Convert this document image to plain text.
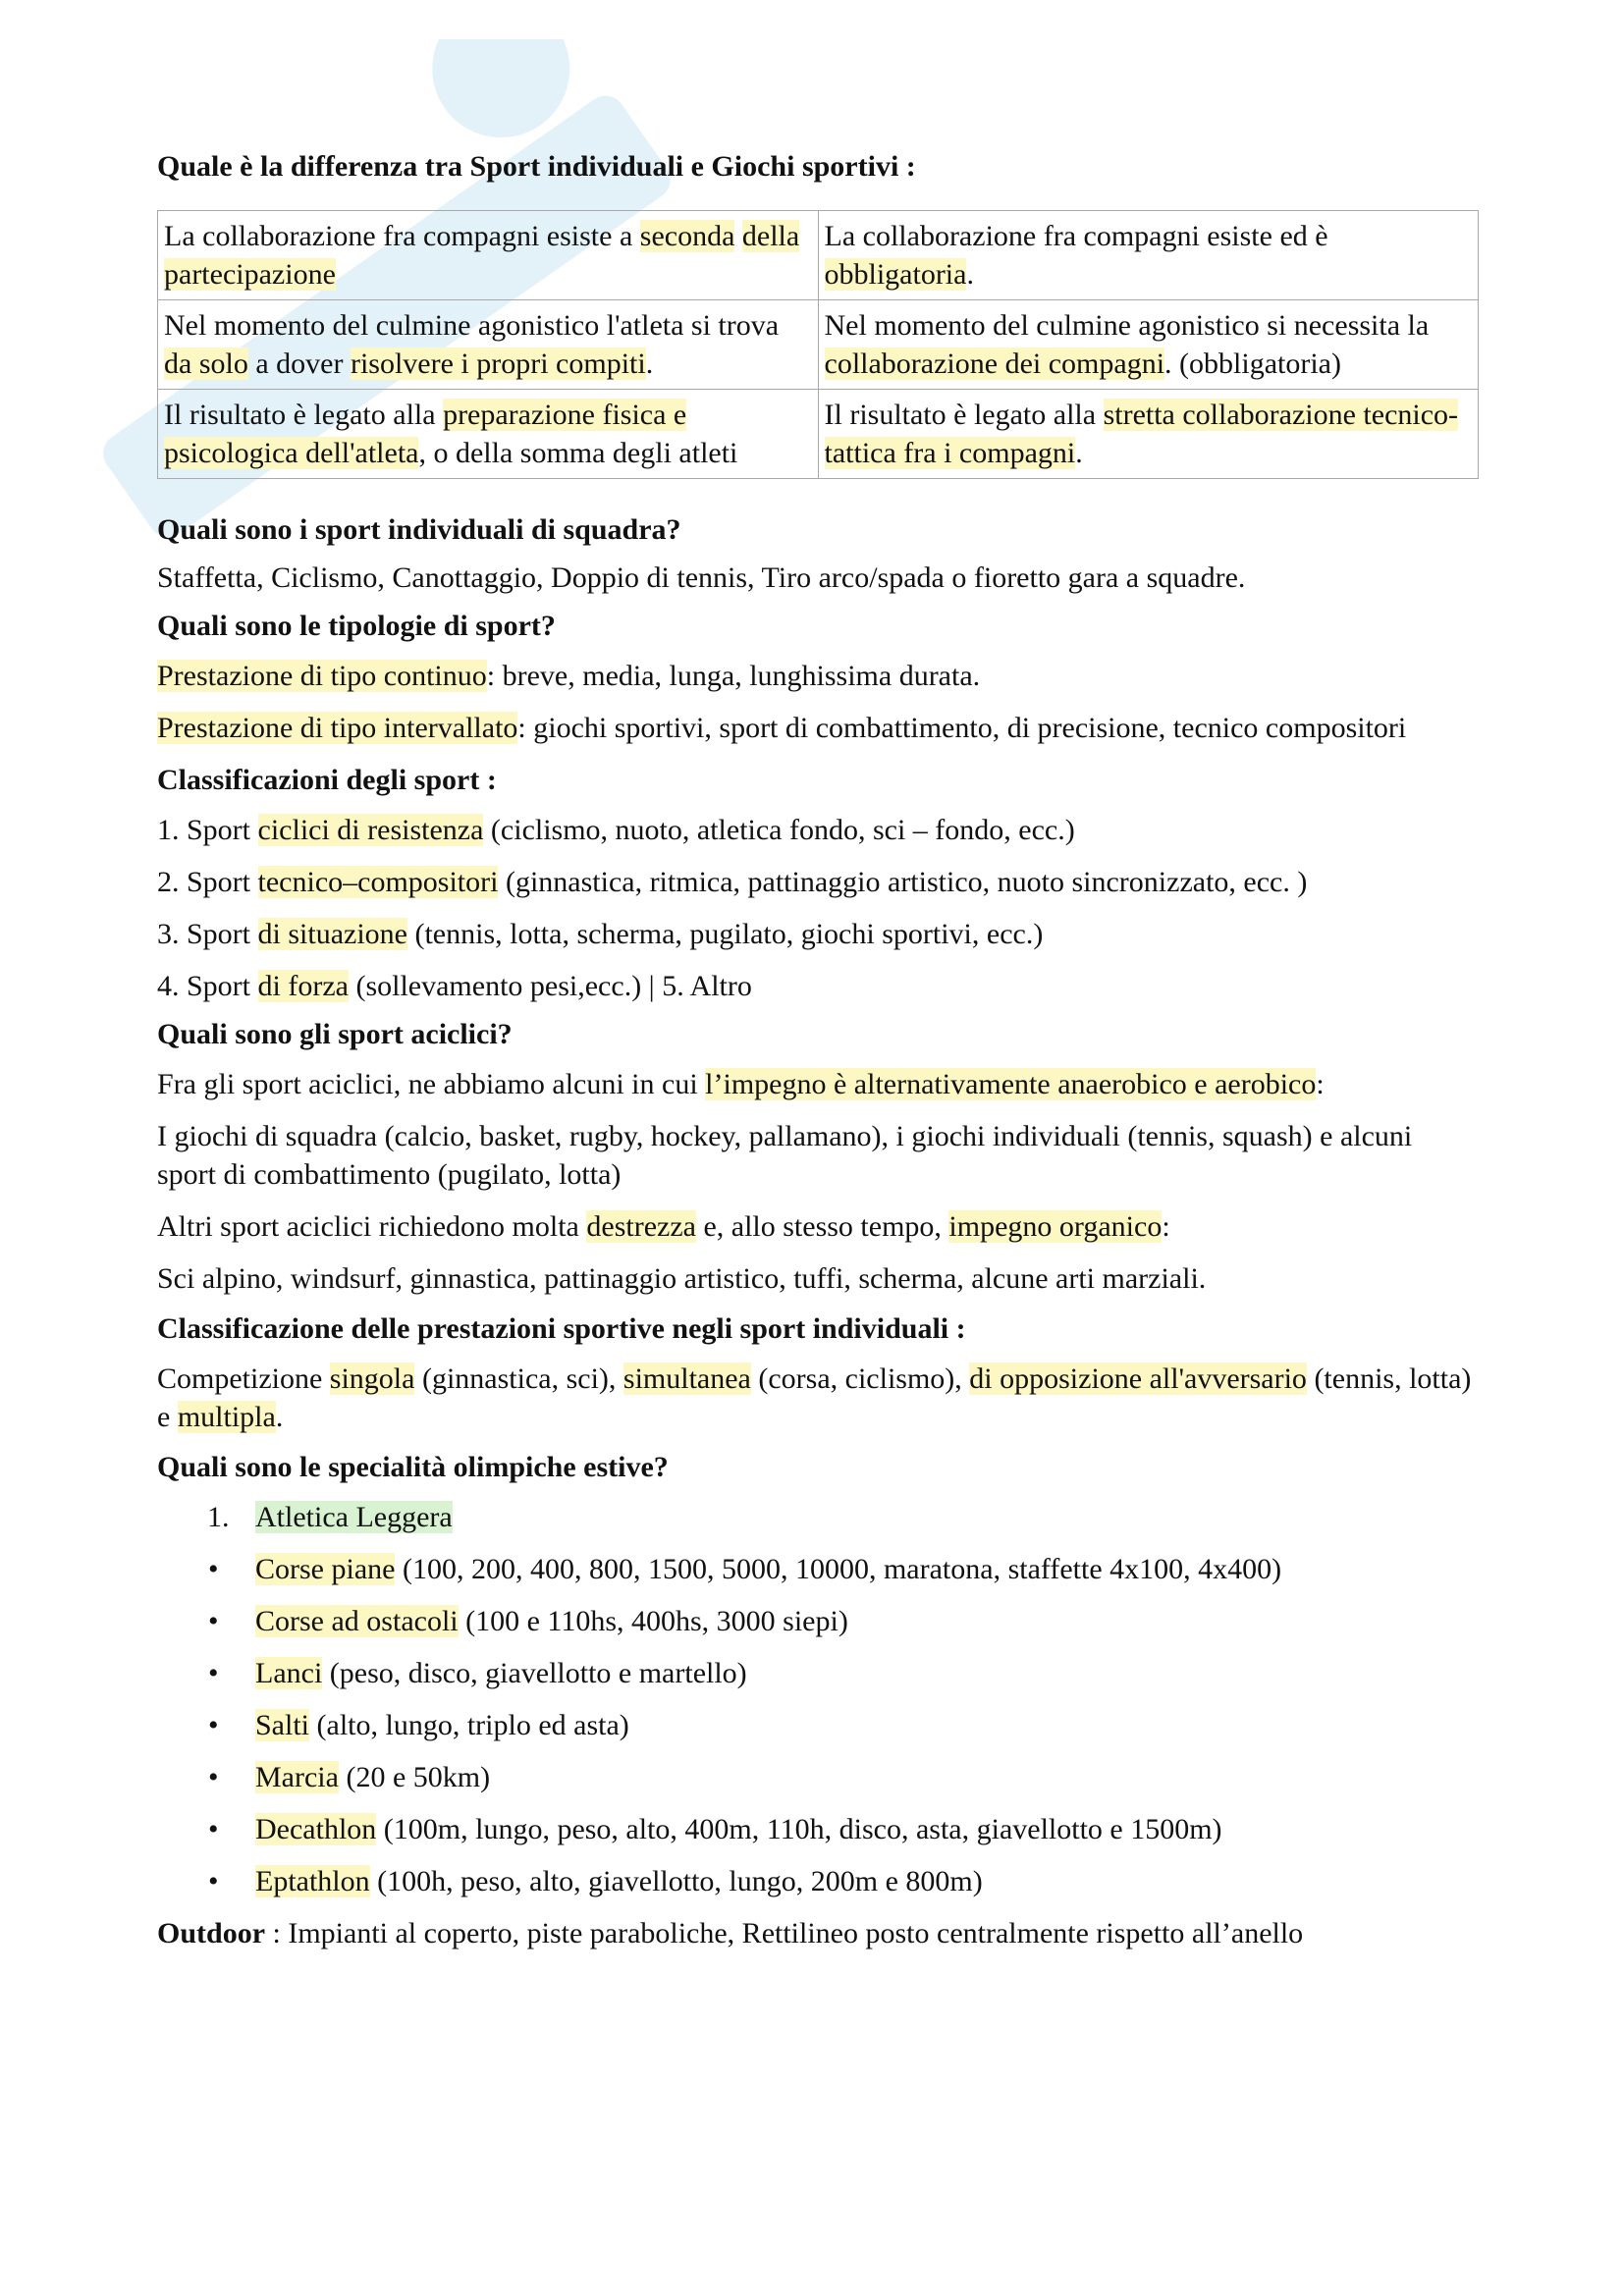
Quale è la differenza tra Sport individuali e Giochi sportivi :

La collaborazione fra compagni esiste a seconda della partecipazione	La collaborazione fra compagni esiste ed è obbligatoria.
Nel momento del culmine agonistico l'atleta si trova da solo a dover risolvere i propri compiti.	Nel momento del culmine agonistico si necessita la collaborazione dei compagni. (obbligatoria)
Il risultato è legato alla preparazione fisica e psicologica dell'atleta, o della somma degli atleti	Il risultato è legato alla stretta collaborazione tecnico-tattica fra i compagni.

Quali sono i sport individuali di squadra?

Staffetta, Ciclismo, Canottaggio, Doppio di tennis, Tiro arco/spada o fioretto gara a squadre.

Quali sono le tipologie di sport?

Prestazione di tipo continuo: breve, media, lunga, lunghissima durata.

Prestazione di tipo intervallato: giochi sportivi, sport di combattimento, di precisione, tecnico compositori

Classificazioni degli sport :

1. Sport ciclici di resistenza (ciclismo, nuoto, atletica fondo, sci – fondo, ecc.)

2. Sport tecnico–compositori (ginnastica, ritmica, pattinaggio artistico, nuoto sincronizzato, ecc. )

3. Sport di situazione (tennis, lotta, scherma, pugilato, giochi sportivi, ecc.)

4. Sport di forza (sollevamento pesi,ecc.) | 5. Altro

Quali sono gli sport aciclici?

Fra gli sport aciclici, ne abbiamo alcuni in cui l’impegno è alternativamente anaerobico e aerobico:

I giochi di squadra (calcio, basket, rugby, hockey, pallamano), i giochi individuali (tennis, squash) e alcuni sport di combattimento (pugilato, lotta)

Altri sport aciclici richiedono molta destrezza e, allo stesso tempo, impegno organico:

Sci alpino, windsurf, ginnastica, pattinaggio artistico, tuffi, scherma, alcune arti marziali.

Classificazione delle prestazioni sportive negli sport individuali :

Competizione singola (ginnastica, sci), simultanea (corsa, ciclismo), di opposizione all'avversario (tennis, lotta) e multipla.

Quali sono le specialità olimpiche estive?

1. Atletica Leggera
• Corse piane (100, 200, 400, 800, 1500, 5000, 10000, maratona, staffette 4x100, 4x400)
• Corse ad ostacoli (100 e 110hs, 400hs, 3000 siepi)
• Lanci (peso, disco, giavellotto e martello)
• Salti (alto, lungo, triplo ed asta)
• Marcia (20 e 50km)
• Decathlon (100m, lungo, peso, alto, 400m, 110h, disco, asta, giavellotto e 1500m)
• Eptathlon (100h, peso, alto, giavellotto, lungo, 200m e 800m)

Outdoor : Impianti al coperto, piste paraboliche, Rettilineo posto centralmente rispetto all’anello
